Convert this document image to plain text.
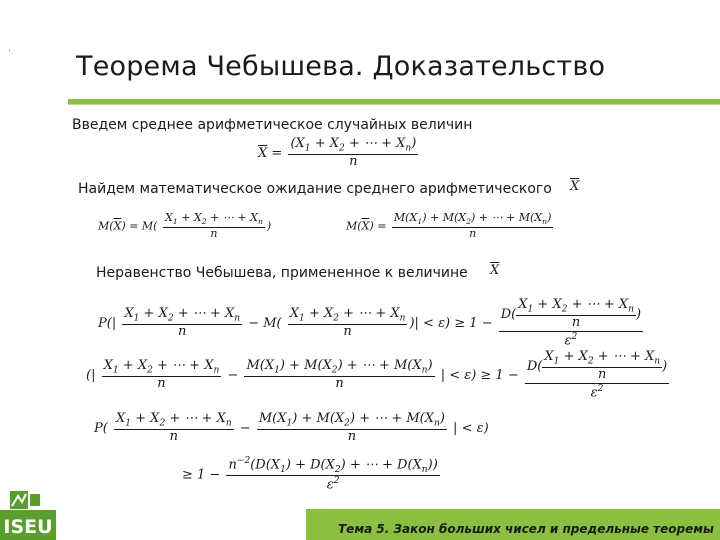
.
Теорема Чебышева. Доказательство
Введем среднее арифметическое случайных величин
$\overline{X} = \frac{(X_1 + X_2 + \cdots + X_n)}{n}$
Найдем математическое ожидание среднего арифметического $\overline{X}$
$M(\overline{X}) = M( \frac{X_1 + X_2 + \cdots + X_n}{n}$ )	$M(\overline{X}) = \frac{M(X_1) + M(X_2) + \cdots + M(X_n)}{n}$
Неравенство Чебышева, примененное к величине $\overline{X}$
$P(| \frac{X_1 + X_2 + \cdots + X_n}{n} - M( \frac{X_1 + X_2 + \cdots + X_n}{n}$ )| < ε) ≥ 1 −
$D( \frac{X_1 + X_2 + \cdots + X_n}{n}$ )
$\varepsilon^2$
(| $\frac{X_1 + X_2 + \cdots + X_n}{n} - \frac{M(X_1) + M(X_2) + \cdots + M(X_n)}{n}$ | < ε) ≥ 1 −
$D( \frac{X_1 + X_2 + \cdots + X_n}{n}$ )
$\varepsilon^2$
$P( \frac{X_1 + X_2 + \cdots + X_n}{n} - \frac{M(X_1) + M(X_2) + \cdots + M(X_n)}{n}$ | < ε)
≥ $1 - \frac{n^{-2}(D(X_1) + D(X_2) + \cdots + D(X_n))}{\varepsilon^2}$
ISEU	Тема 5. Закон больших чисел и предельные теоремы
